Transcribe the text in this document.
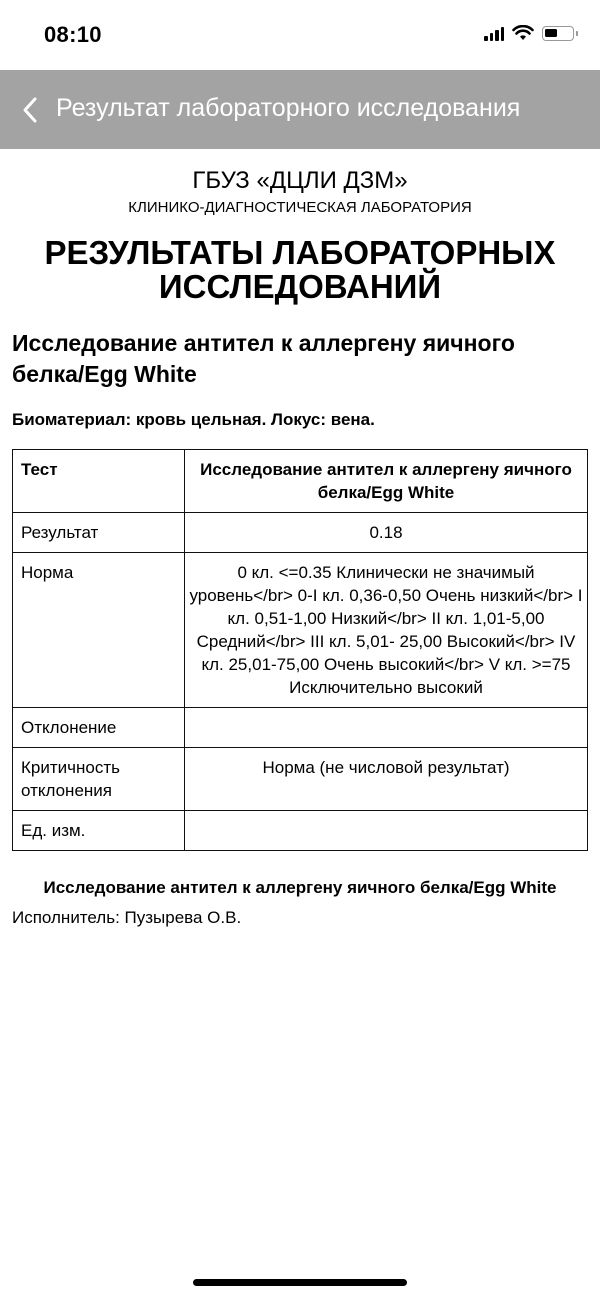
08:10
Результат лабораторного исследования
ГБУЗ «ДЦЛИ ДЗМ»
КЛИНИКО-ДИАГНОСТИЧЕСКАЯ ЛАБОРАТОРИЯ
РЕЗУЛЬТАТЫ ЛАБОРАТОРНЫХ ИССЛЕДОВАНИЙ
Исследование антител к аллергену яичного белка/Egg White
Биоматериал: кровь цельная. Локус: вена.
Тест	Исследование антител к аллергену яичного белка/Egg White
Результат	0.18
Норма	0 кл. <=0.35 Клинически не значимый уровень</br> 0-I кл. 0,36-0,50 Очень низкий</br> I кл. 0,51-1,00 Низкий</br> II кл. 1,01-5,00 Средний</br> III кл. 5,01- 25,00 Высокий</br> IV кл. 25,01-75,00 Очень высокий</br> V кл. >=75 Исключительно высокий
Отклонение	
Критичность отклонения	Норма (не числовой результат)
Ед. изм.	
Исследование антител к аллергену яичного белка/Egg White
Исполнитель: Пузырева О.В.
